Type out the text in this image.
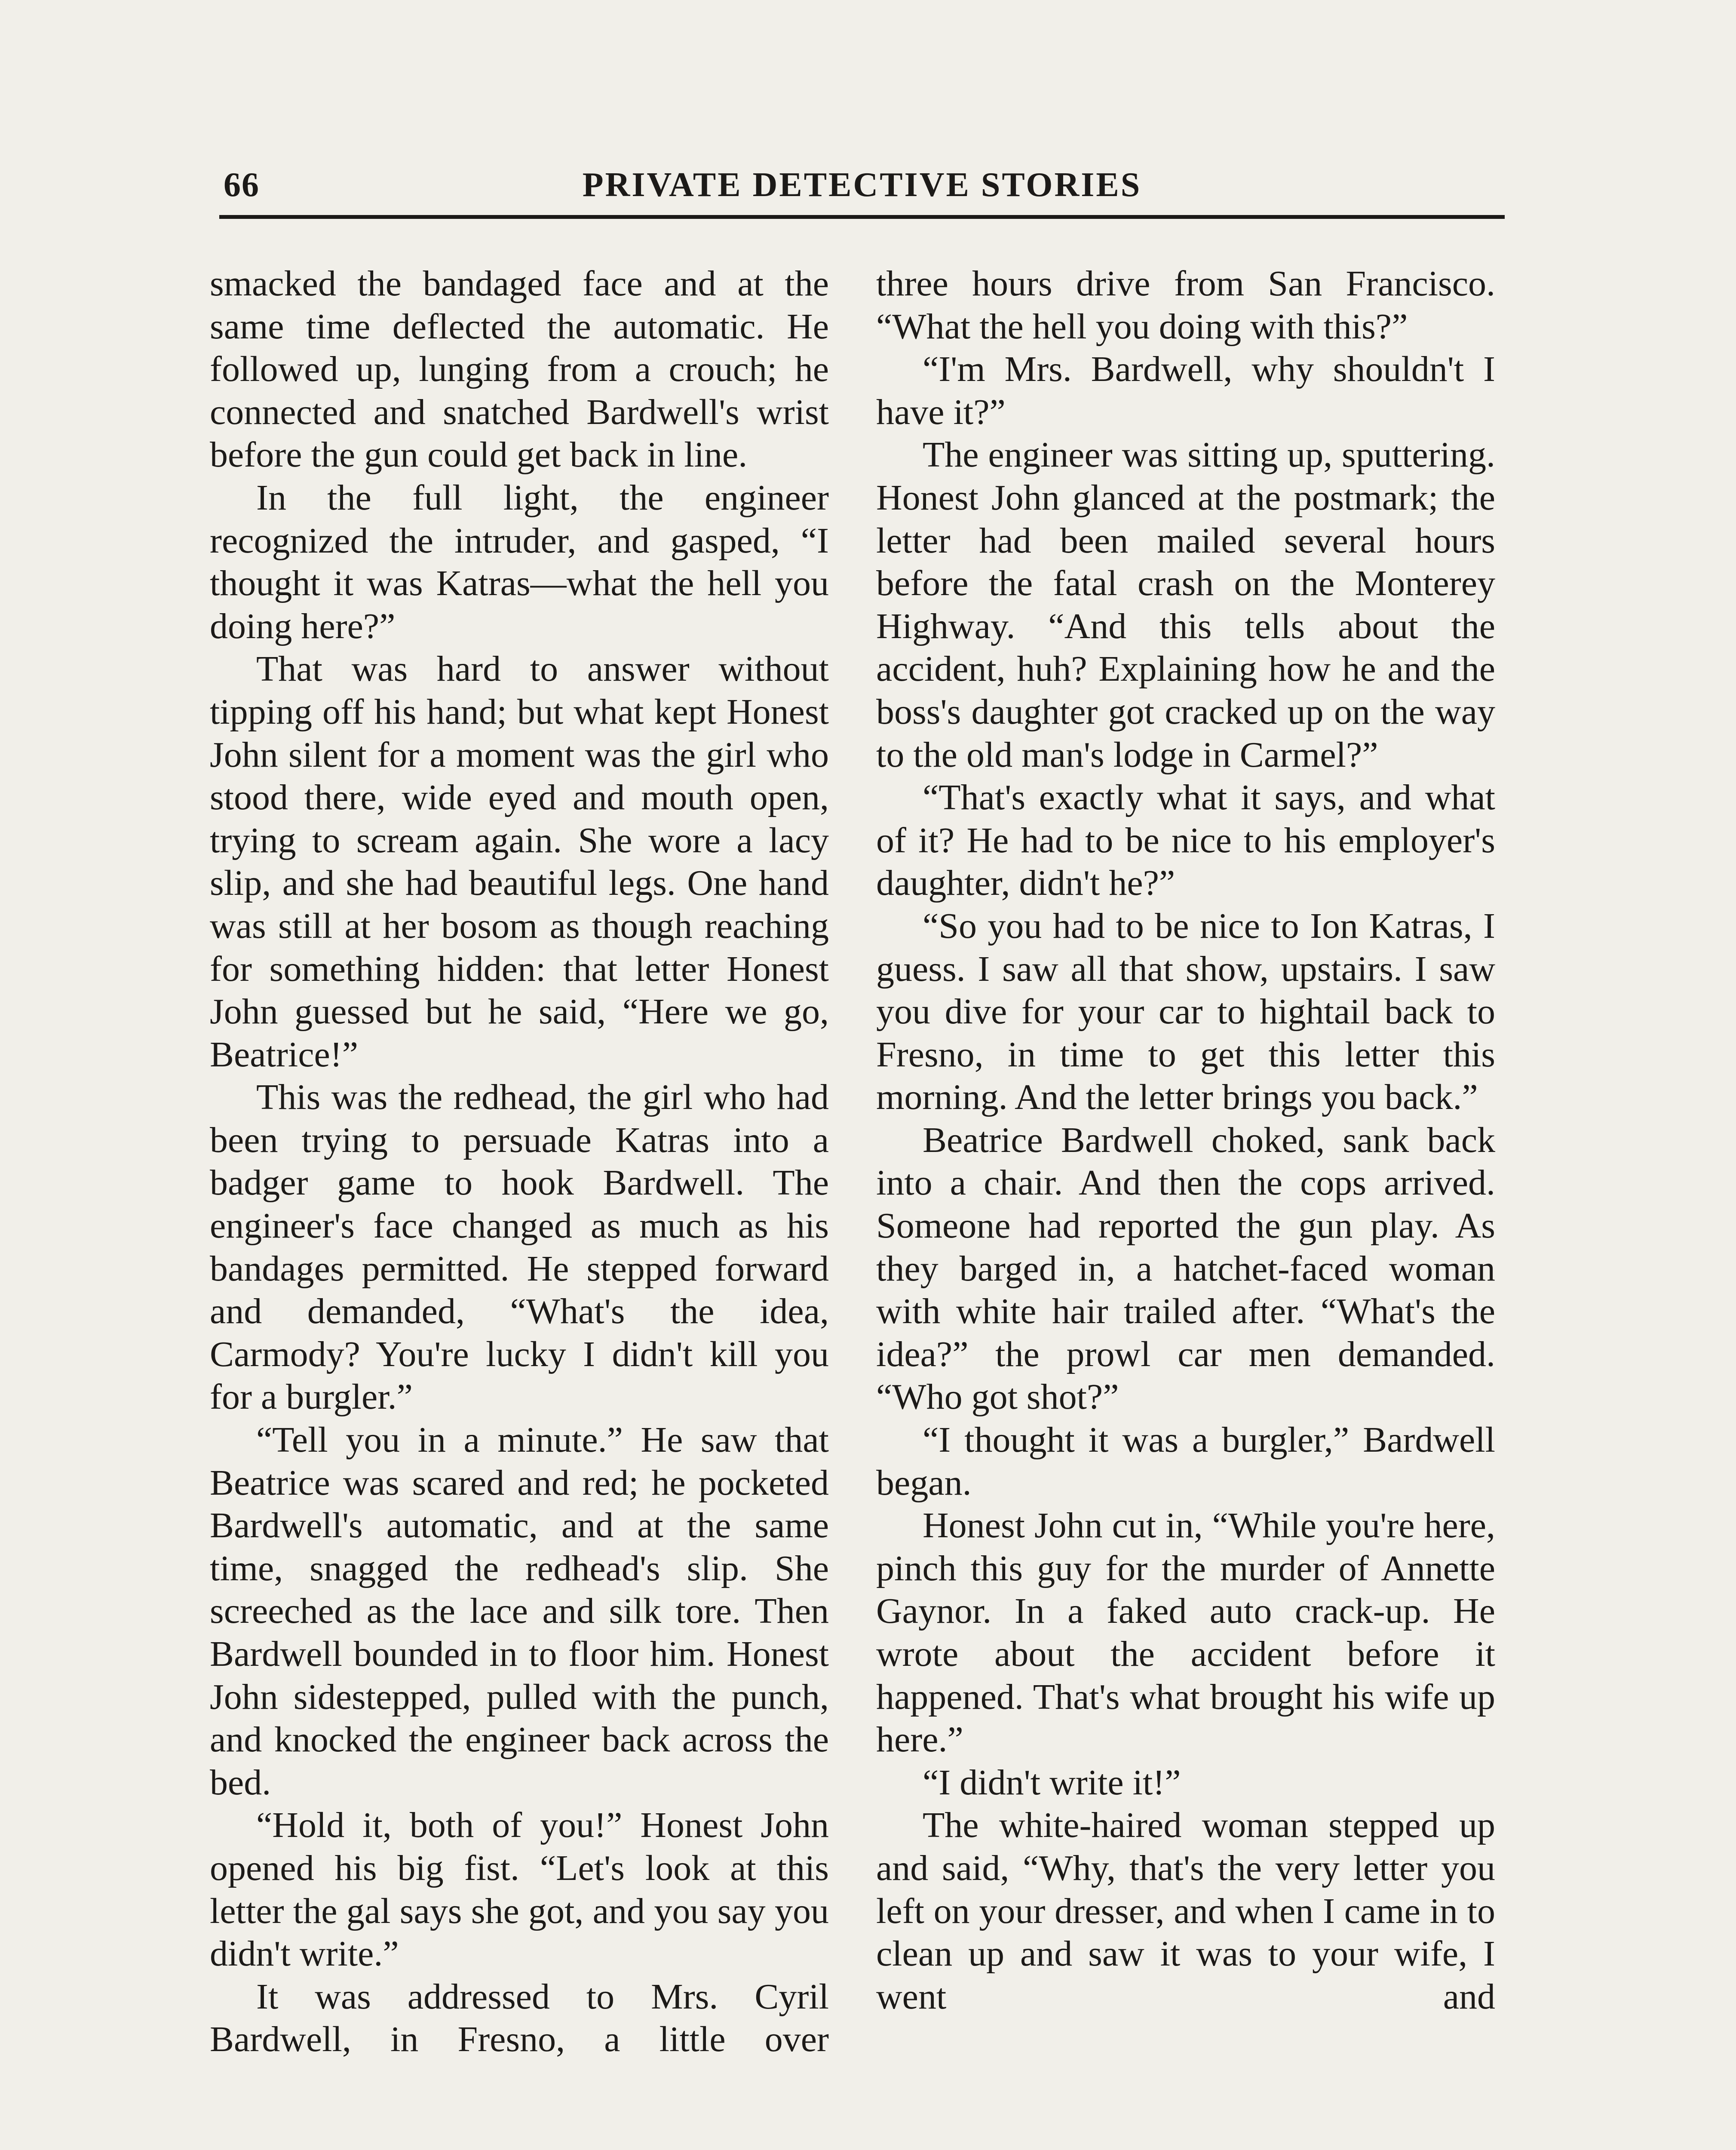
66	PRIVATE DETECTIVE STORIES

smacked the bandaged face and at the same time deflected the automatic. He followed up, lunging from a crouch; he connected and snatched Bardwell's wrist before the gun could get back in line.

In the full light, the engineer recognized the intruder, and gasped, “I thought it was Katras—what the hell you doing here?”

That was hard to answer without tipping off his hand; but what kept Honest John silent for a moment was the girl who stood there, wide eyed and mouth open, trying to scream again. She wore a lacy slip, and she had beautiful legs. One hand was still at her bosom as though reaching for something hidden: that letter Honest John guessed but he said, “Here we go, Beatrice!”

This was the redhead, the girl who had been trying to persuade Katras into a badger game to hook Bardwell. The engineer's face changed as much as his bandages permitted. He stepped forward and demanded, “What's the idea, Carmody? You're lucky I didn't kill you for a burgler.”

“Tell you in a minute.” He saw that Beatrice was scared and red; he pocketed Bardwell's automatic, and at the same time, snagged the redhead's slip. She screeched as the lace and silk tore. Then Bardwell bounded in to floor him. Honest John sidestepped, pulled with the punch, and knocked the engineer back across the bed.

“Hold it, both of you!” Honest John opened his big fist. “Let's look at this letter the gal says she got, and you say you didn't write.”

It was addressed to Mrs. Cyril Bardwell, in Fresno, a little over

three hours drive from San Francisco. “What the hell you doing with this?”

“I'm Mrs. Bardwell, why shouldn't I have it?”

The engineer was sitting up, sputtering. Honest John glanced at the postmark; the letter had been mailed several hours before the fatal crash on the Monterey Highway. “And this tells about the accident, huh? Explaining how he and the boss's daughter got cracked up on the way to the old man's lodge in Carmel?”

“That's exactly what it says, and what of it? He had to be nice to his employer's daughter, didn't he?”

“So you had to be nice to Ion Katras, I guess. I saw all that show, upstairs. I saw you dive for your car to hightail back to Fresno, in time to get this letter this morning. And the letter brings you back.”

Beatrice Bardwell choked, sank back into a chair. And then the cops arrived. Someone had reported the gun play. As they barged in, a hatchet-faced woman with white hair trailed after. “What's the idea?” the prowl car men demanded. “Who got shot?”

“I thought it was a burgler,” Bardwell began.

Honest John cut in, “While you're here, pinch this guy for the murder of Annette Gaynor. In a faked auto crack-up. He wrote about the accident before it happened. That's what brought his wife up here.”

“I didn't write it!”

The white-haired woman stepped up and said, “Why, that's the very letter you left on your dresser, and when I came in to clean up and saw it was to your wife, I went and
